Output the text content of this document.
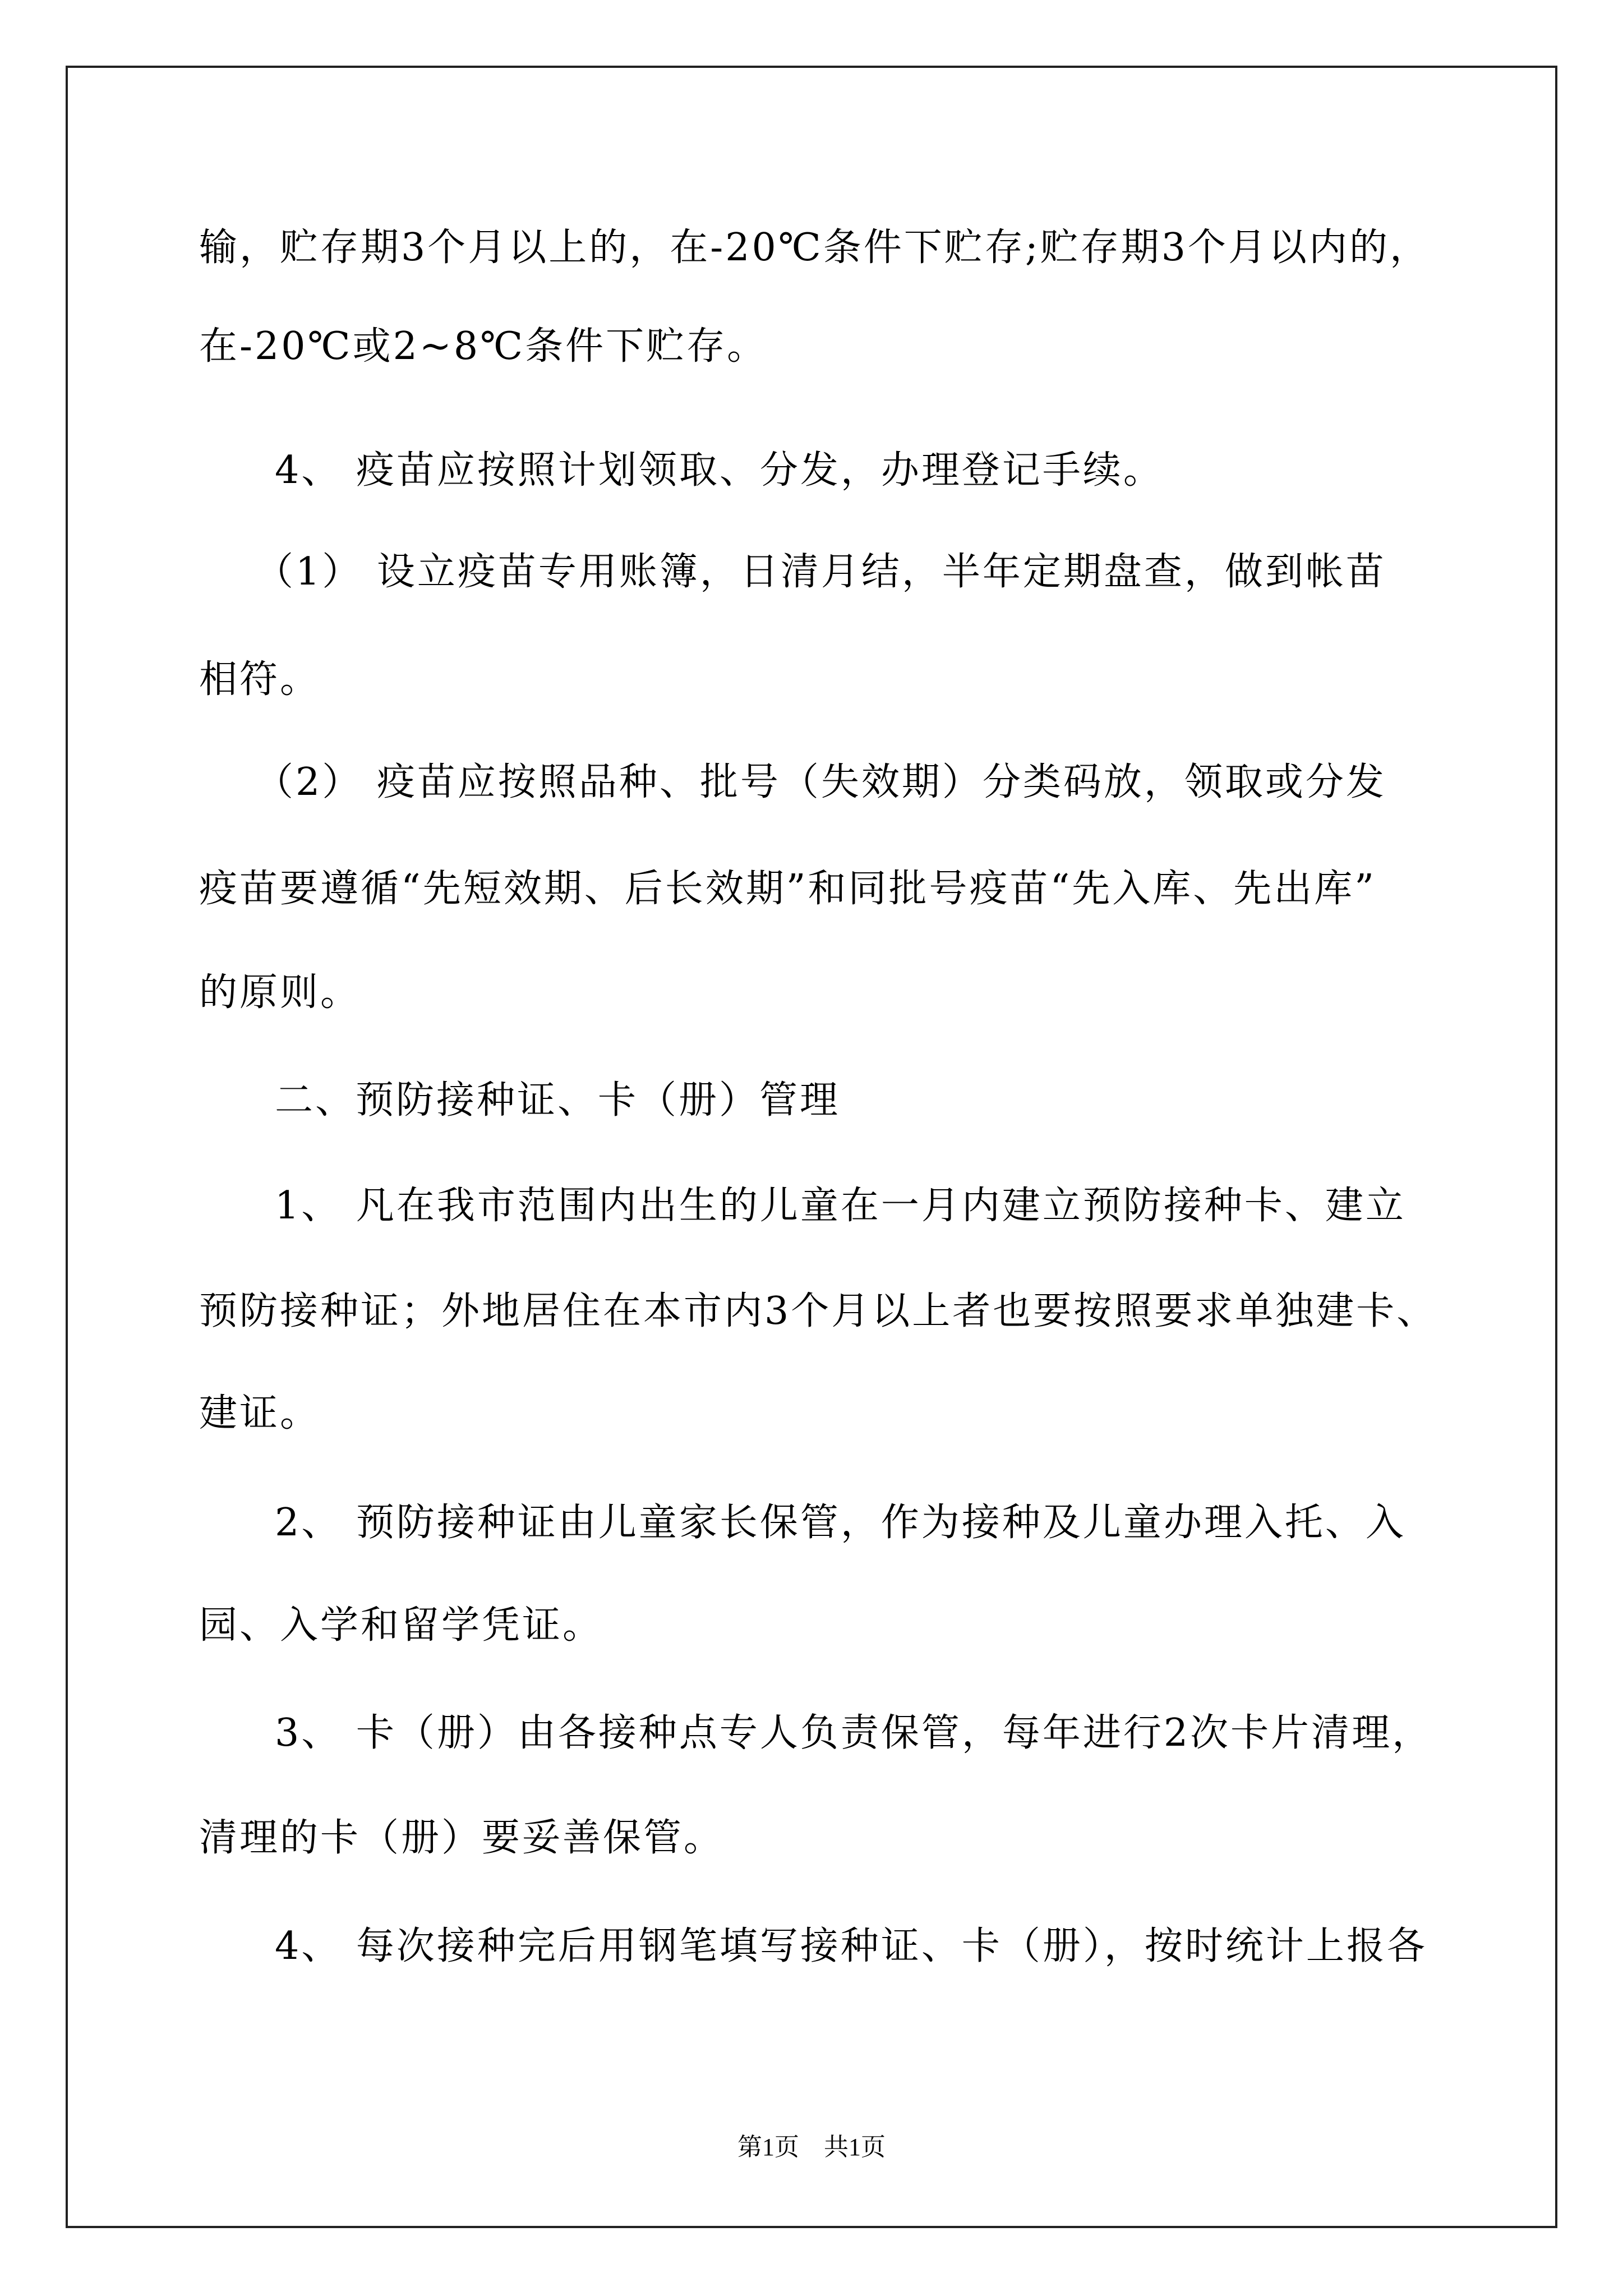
输，贮存期3个月以上的，在-20℃条件下贮存;贮存期3个月以内的，
在-20℃或2~8℃条件下贮存。
4、 疫苗应按照计划领取、分发，办理登记手续。
（1） 设立疫苗专用账簿，日清月结，半年定期盘查，做到帐苗
相符。
（2） 疫苗应按照品种、批号（失效期）分类码放，领取或分发
疫苗要遵循“先短效期、后长效期”和同批号疫苗“先入库、先出库”
的原则。
二、预防接种证、卡（册）管理
1、 凡在我市范围内出生的儿童在一月内建立预防接种卡、建立
预防接种证；外地居住在本市内3个月以上者也要按照要求单独建卡、
建证。
2、 预防接种证由儿童家长保管，作为接种及儿童办理入托、入
园、入学和留学凭证。
3、 卡（册）由各接种点专人负责保管，每年进行2次卡片清理，
清理的卡（册）要妥善保管。
4、 每次接种完后用钢笔填写接种证、卡（册），按时统计上报各
第1页　共1页
